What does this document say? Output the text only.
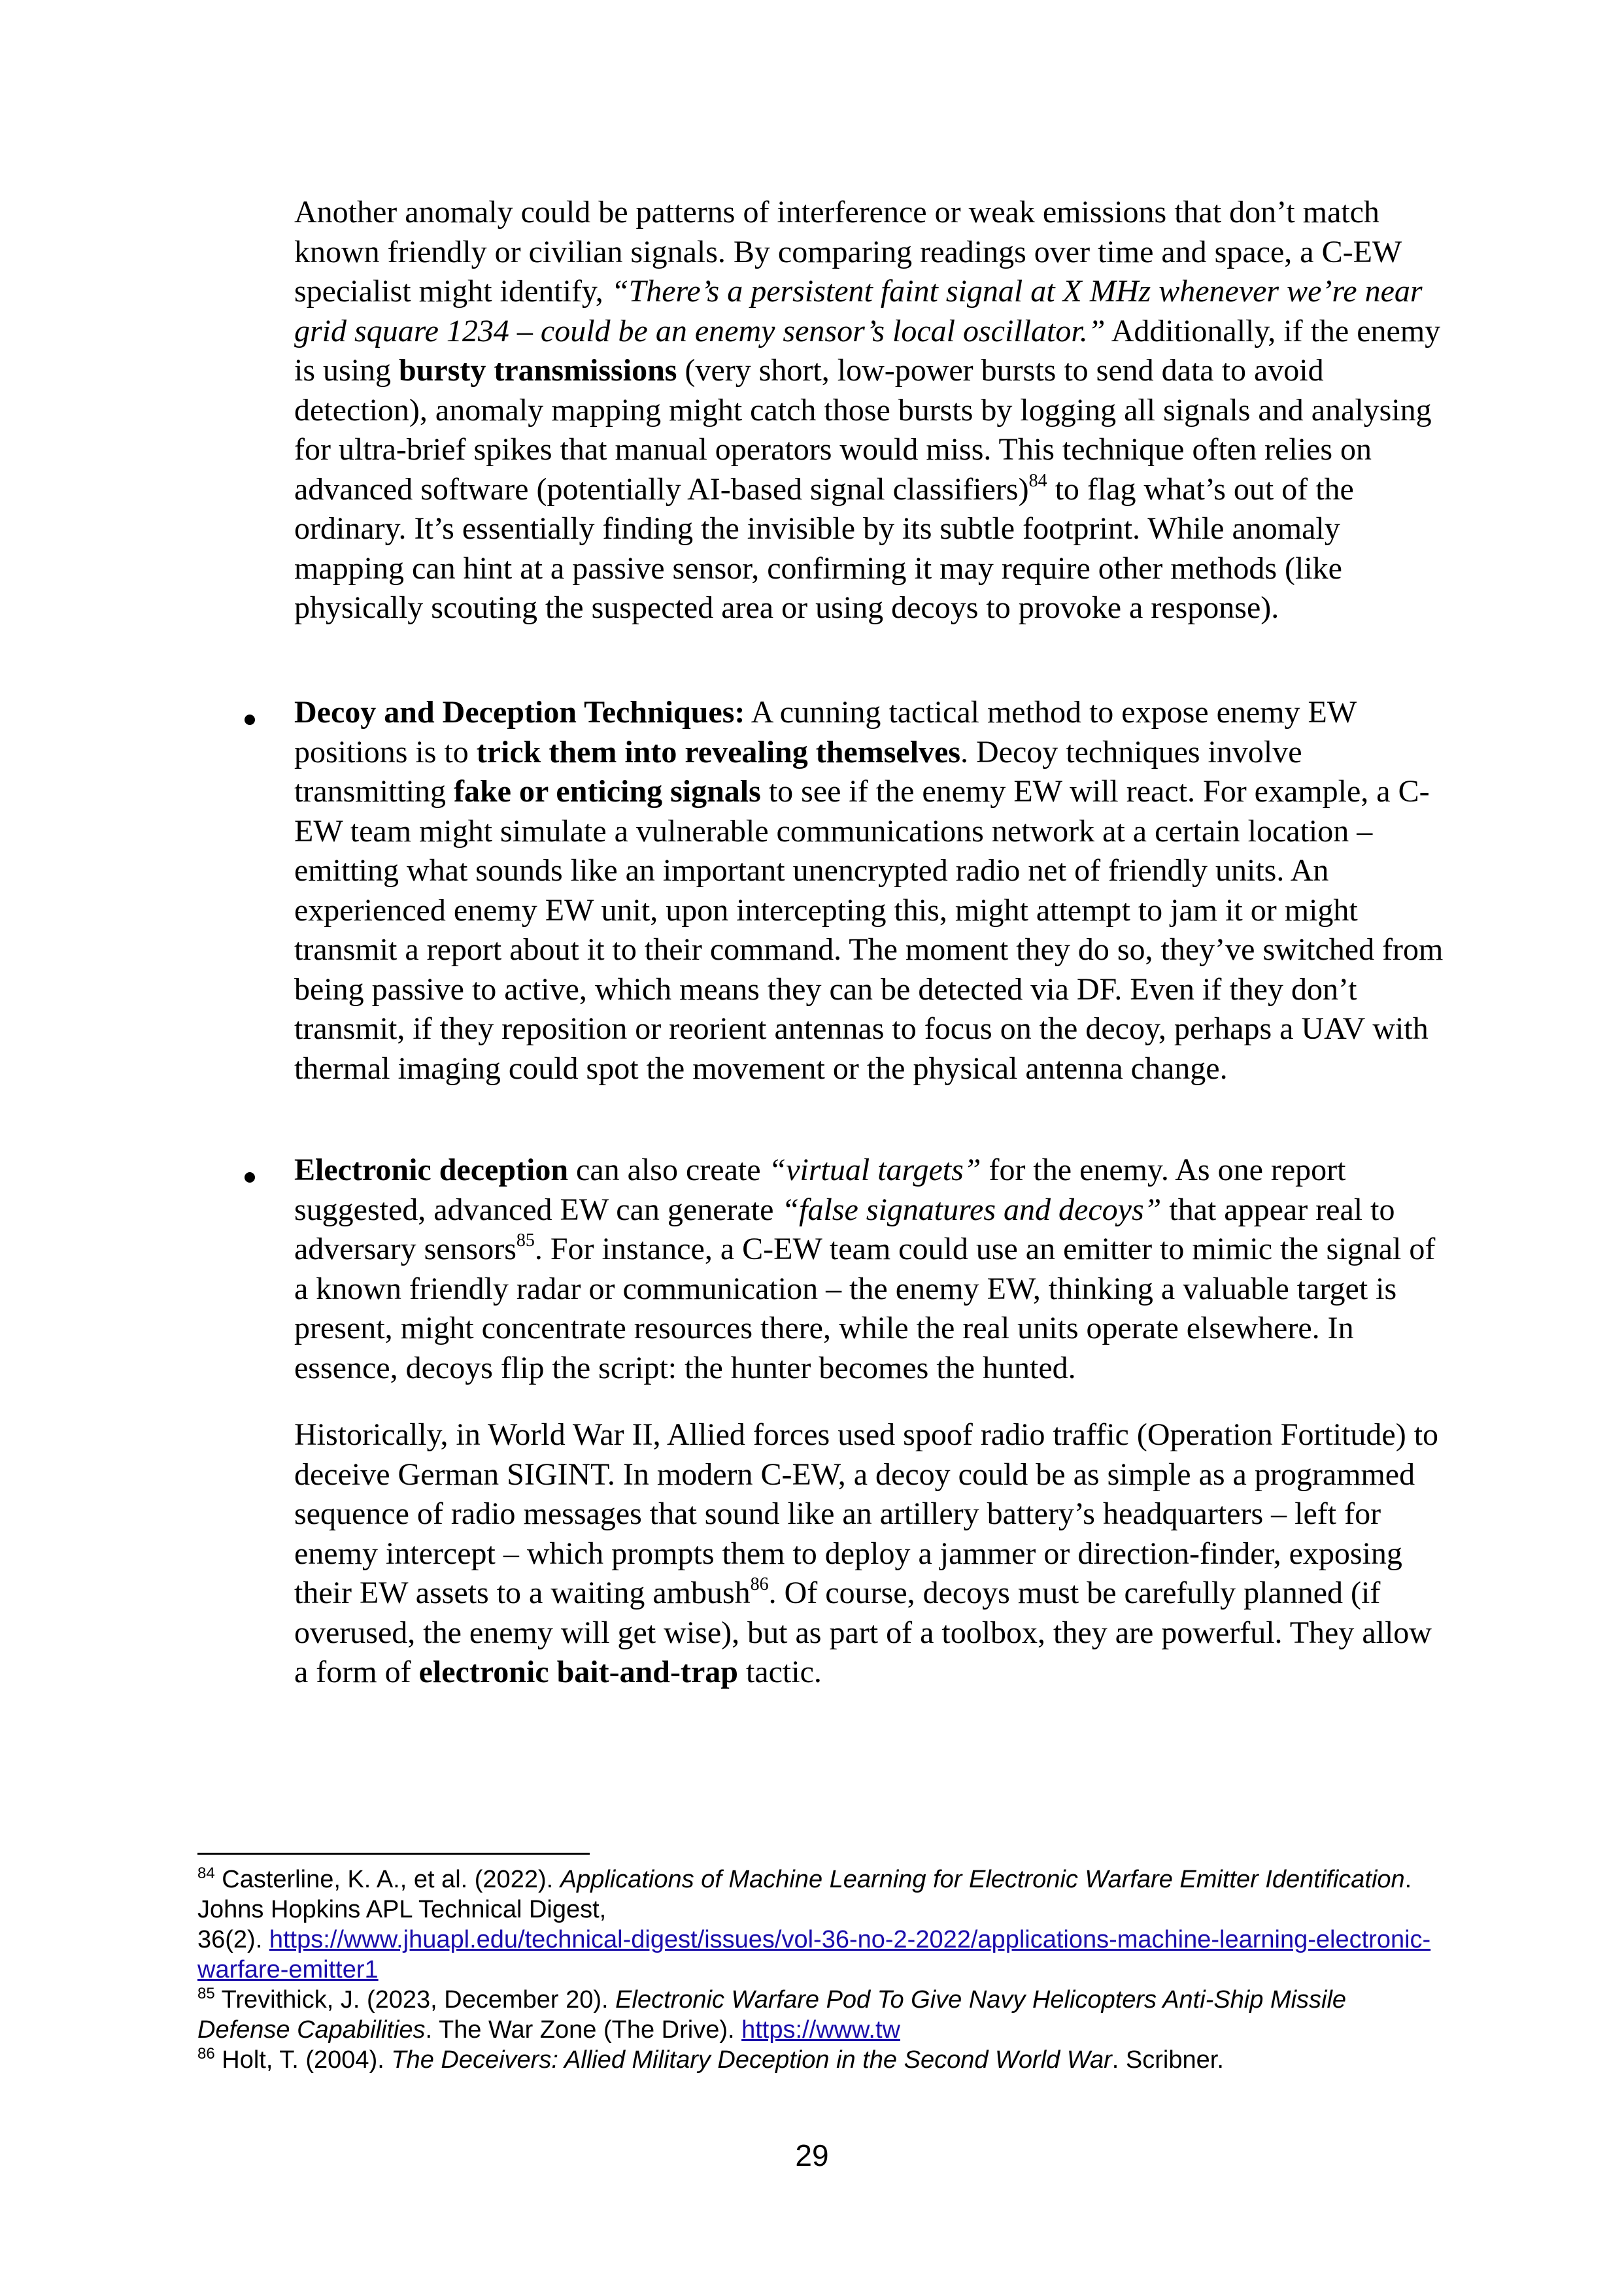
Another anomaly could be patterns of interference or weak emissions that don’t match known friendly or civilian signals. By comparing readings over time and space, a C-EW specialist might identify, “There’s a persistent faint signal at X MHz whenever we’re near grid square 1234 – could be an enemy sensor’s local oscillator.” Additionally, if the enemy is using bursty transmissions (very short, low-power bursts to send data to avoid detection), anomaly mapping might catch those bursts by logging all signals and analysing for ultra-brief spikes that manual operators would miss. This technique often relies on advanced software (potentially AI-based signal classifiers)$^{84}$ to flag what’s out of the ordinary. It’s essentially finding the invisible by its subtle footprint. While anomaly mapping can hint at a passive sensor, confirming it may require other methods (like physically scouting the suspected area or using decoys to provoke a response).

Decoy and Deception Techniques: A cunning tactical method to expose enemy EW positions is to trick them into revealing themselves. Decoy techniques involve transmitting fake or enticing signals to see if the enemy EW will react. For example, a C-EW team might simulate a vulnerable communications network at a certain location – emitting what sounds like an important unencrypted radio net of friendly units. An experienced enemy EW unit, upon intercepting this, might attempt to jam it or might transmit a report about it to their command. The moment they do so, they’ve switched from being passive to active, which means they can be detected via DF. Even if they don’t transmit, if they reposition or reorient antennas to focus on the decoy, perhaps a UAV with thermal imaging could spot the movement or the physical antenna change.

Electronic deception can also create “virtual targets” for the enemy. As one report suggested, advanced EW can generate “false signatures and decoys” that appear real to adversary sensors$^{85}$. For instance, a C-EW team could use an emitter to mimic the signal of a known friendly radar or communication – the enemy EW, thinking a valuable target is present, might concentrate resources there, while the real units operate elsewhere. In essence, decoys flip the script: the hunter becomes the hunted.

Historically, in World War II, Allied forces used spoof radio traffic (Operation Fortitude) to deceive German SIGINT. In modern C-EW, a decoy could be as simple as a programmed sequence of radio messages that sound like an artillery battery’s headquarters – left for enemy intercept – which prompts them to deploy a jammer or direction-finder, exposing their EW assets to a waiting ambush$^{86}$. Of course, decoys must be carefully planned (if overused, the enemy will get wise), but as part of a toolbox, they are powerful. They allow a form of electronic bait-and-trap tactic.

$^{84}$ Casterline, K. A., et al. (2022). Applications of Machine Learning for Electronic Warfare Emitter Identification. Johns Hopkins APL Technical Digest,
36(2). https://www.jhuapl.edu/technical-digest/issues/vol-36-no-2-2022/applications-machine-learning-electronic-warfare-emitter1

$^{85}$ Trevithick, J. (2023, December 20). Electronic Warfare Pod To Give Navy Helicopters Anti-Ship Missile Defense Capabilities. The War Zone (The Drive). https://www.tw

$^{86}$ Holt, T. (2004). The Deceivers: Allied Military Deception in the Second World War. Scribner.

29
